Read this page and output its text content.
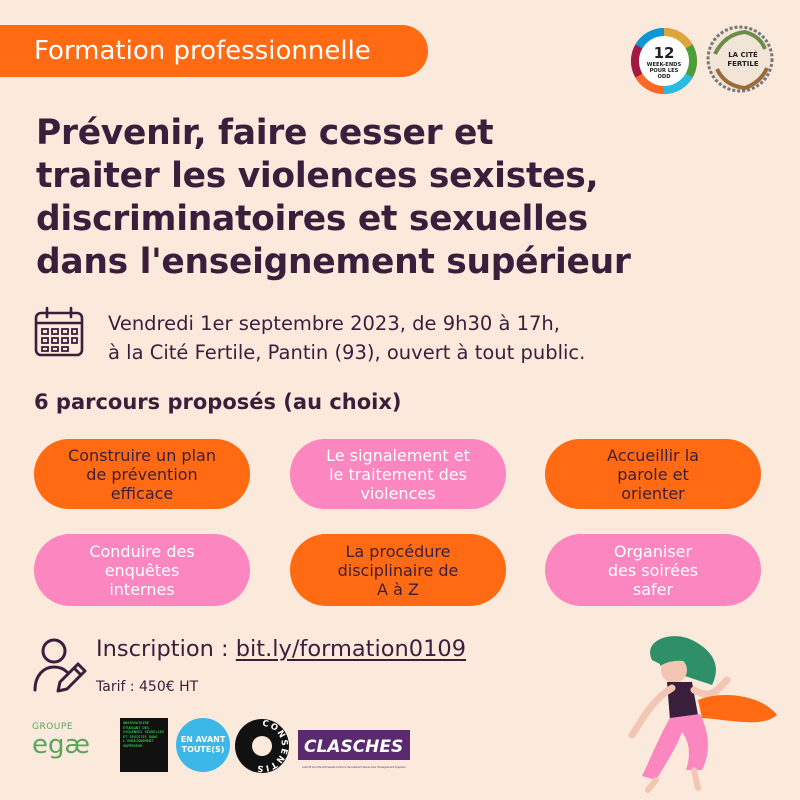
Formation professionnelle	12
WEEK-ENDS
POUR LES
ODD
LA CITÉ
FERTILE
Prévenir, faire cesser et
traiter les violences sexistes,
discriminatoires et sexuelles
dans l'enseignement supérieur
Vendredi 1er septembre 2023, de 9h30 à 17h,
à la Cité Fertile, Pantin (93), ouvert à tout public.
6 parcours proposés (au choix)
Construire un plan
de prévention
efficace
Le signalement et
le traitement des
violences
Accueillir la
parole et
orienter
Conduire des
enquêtes
internes
La procédure
disciplinaire de
A à Z
Organiser
des soirées
safer
Inscription : bit.ly/formation0109
Tarif : 450€ HT
GROUPE
egæ
OBSERVATOIRE ÉTUDIANT DES VIOLENCES SEXUELLES ET SEXISTES DANS L'ENSEIGNEMENT SUPÉRIEUR
EN AVANT
TOUTE(S)
CONSENTIS
CLASCHES
Collectif de Lutte Anti-Sexiste Contre le Harcèlement Sexuel dans l'Enseignement Supérieur
